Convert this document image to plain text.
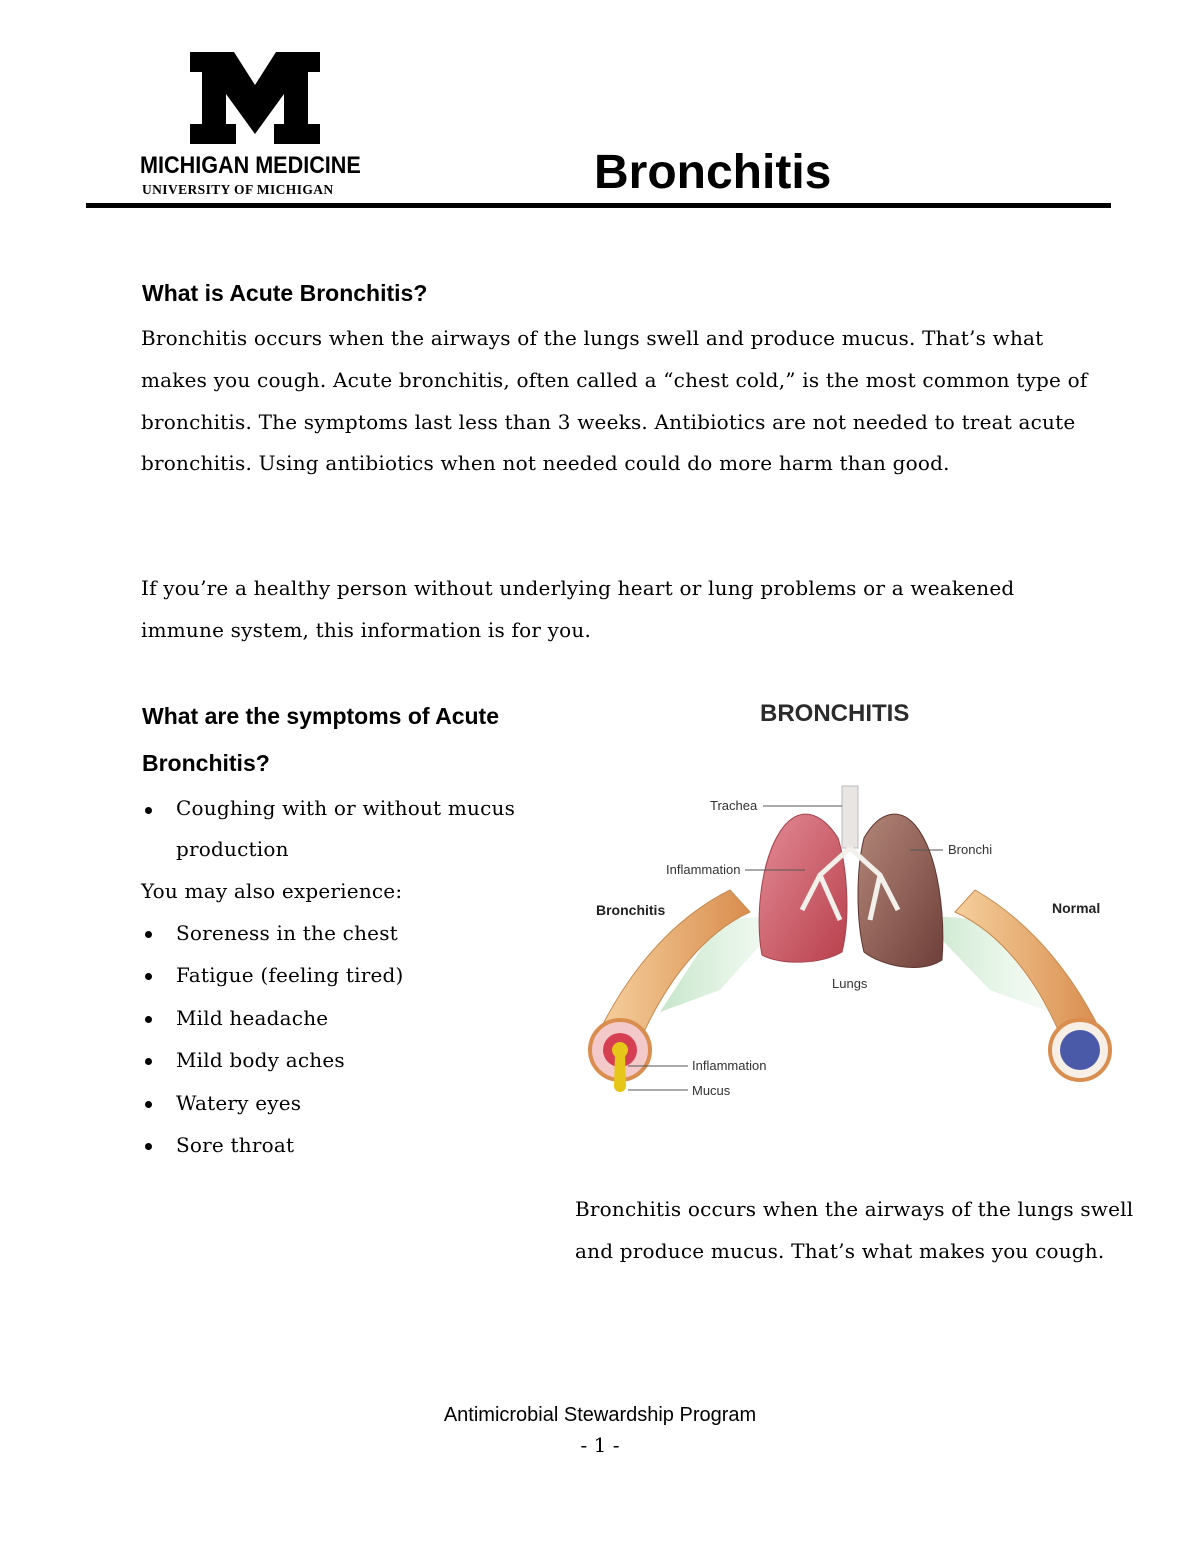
MICHIGAN MEDICINE
UNIVERSITY OF MICHIGAN	Bronchitis
What is Acute Bronchitis?

Bronchitis occurs when the airways of the lungs swell and produce mucus. That’s what makes you cough. Acute bronchitis, often called a “chest cold,” is the most common type of bronchitis. The symptoms last less than 3 weeks. Antibiotics are not needed to treat acute bronchitis. Using antibiotics when not needed could do more harm than good.

If you’re a healthy person without underlying heart or lung problems or a weakened immune system, this information is for you.

What are the symptoms of Acute Bronchitis?
Coughing with or without mucus production

You may also experience:

Soreness in the chest
Fatigue (feeling tired)
Mild headache
Mild body aches
Watery eyes
Sore throat

BRONCHITIS

Trachea

Inflammation

Bronchi

Bronchitis	Normal

Lungs

Inflammation

Mucus

Bronchitis occurs when the airways of the lungs swell and produce mucus. That’s what makes you cough.

Antimicrobial Stewardship Program

- 1 -
